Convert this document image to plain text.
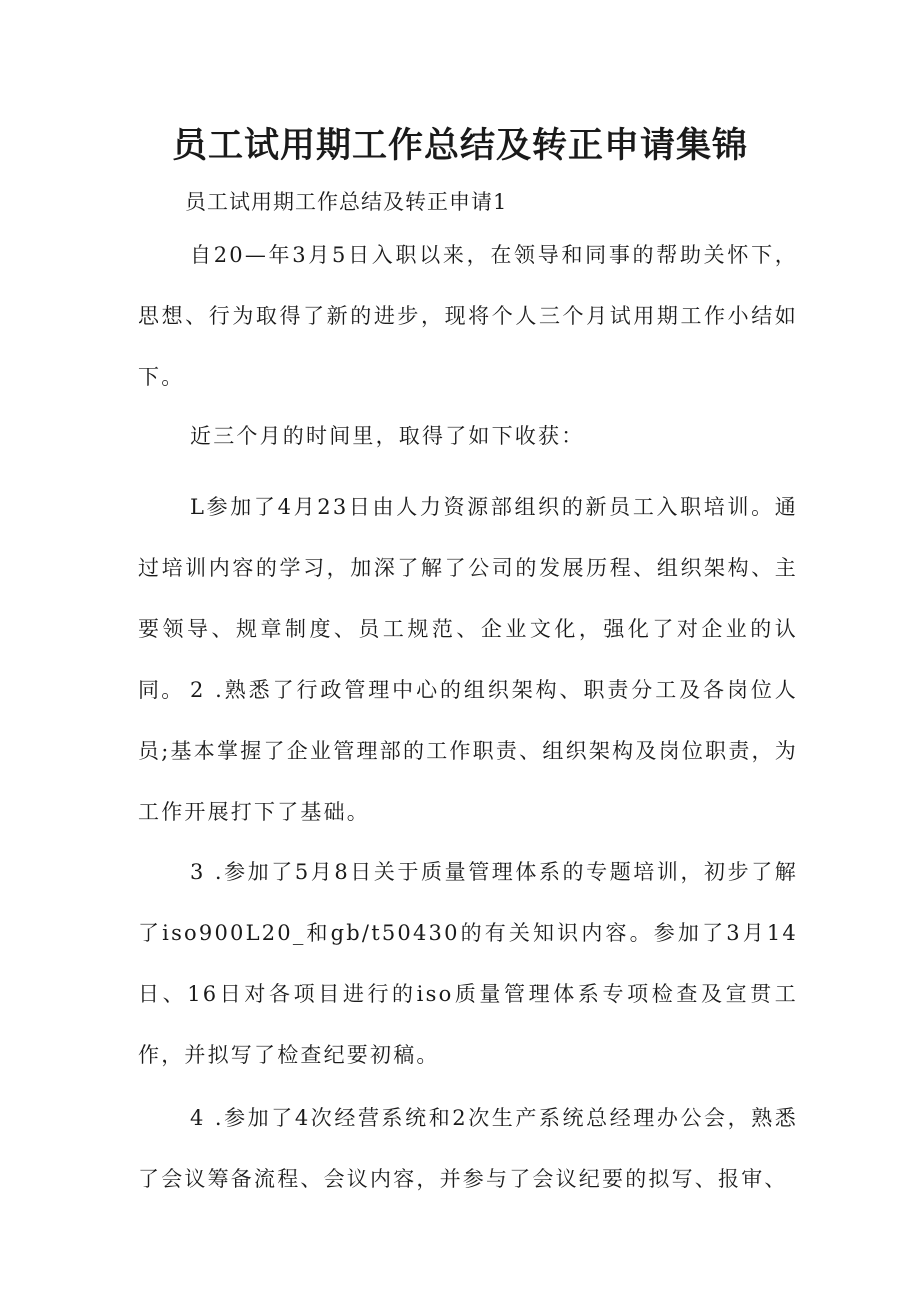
员工试用期工作总结及转正申请集锦
员工试用期工作总结及转正申请1

自20—年3月5日入职以来，在领导和同事的帮助关怀下，思想、行为取得了新的进步，现将个人三个月试用期工作小结如下。

近三个月的时间里，取得了如下收获：

L参加了4月23日由人力资源部组织的新员工入职培训。通过培训内容的学习，加深了解了公司的发展历程、组织架构、主要领导、规章制度、员工规范、企业文化，强化了对企业的认同。 2 .熟悉了行政管理中心的组织架构、职责分工及各岗位人员;基本掌握了企业管理部的工作职责、组织架构及岗位职责，为工作开展打下了基础。

3 .参加了5月8日关于质量管理体系的专题培训，初步了解了iso900L20_和gb/t50430的有关知识内容。参加了3月14日、16日对各项目进行的iso质量管理体系专项检查及宣贯工作，并拟写了检查纪要初稿。

4 .参加了4次经营系统和2次生产系统总经理办公会，熟悉了会议筹备流程、会议内容，并参与了会议纪要的拟写、报审、
